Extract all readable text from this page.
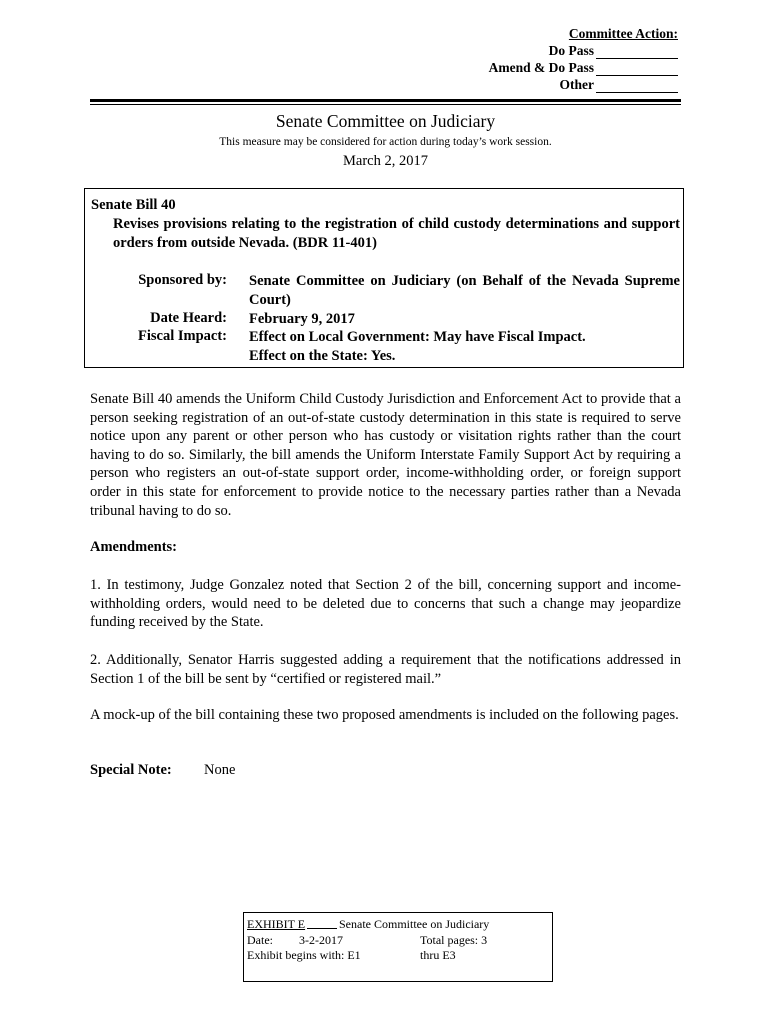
Committee Action:
Do Pass
Amend & Do Pass
Other
Senate Committee on Judiciary
This measure may be considered for action during today’s work session.
March 2, 2017
Senate Bill 40
Revises provisions relating to the registration of child custody determinations and support orders from outside Nevada. (BDR 11-401)
Sponsored by: Senate Committee on Judiciary (on Behalf of the Nevada Supreme Court)
Date Heard: February 9, 2017
Fiscal Impact: Effect on Local Government: May have Fiscal Impact.
Effect on the State: Yes.
Senate Bill 40 amends the Uniform Child Custody Jurisdiction and Enforcement Act to provide that a person seeking registration of an out-of-state custody determination in this state is required to serve notice upon any parent or other person who has custody or visitation rights rather than the court having to do so. Similarly, the bill amends the Uniform Interstate Family Support Act by requiring a person who registers an out-of-state support order, income-withholding order, or foreign support order in this state for enforcement to provide notice to the necessary parties rather than a Nevada tribunal having to do so.
Amendments:
1. In testimony, Judge Gonzalez noted that Section 2 of the bill, concerning support and income-withholding orders, would need to be deleted due to concerns that such a change may jeopardize funding received by the State.
2. Additionally, Senator Harris suggested adding a requirement that the notifications addressed in Section 1 of the bill be sent by “certified or registered mail.”
A mock-up of the bill containing these two proposed amendments is included on the following pages.
Special Note: None
EXHIBIT E	Senate Committee on Judiciary
Date: 3-2-2017	Total pages: 3
Exhibit begins with: E1	thru E3
